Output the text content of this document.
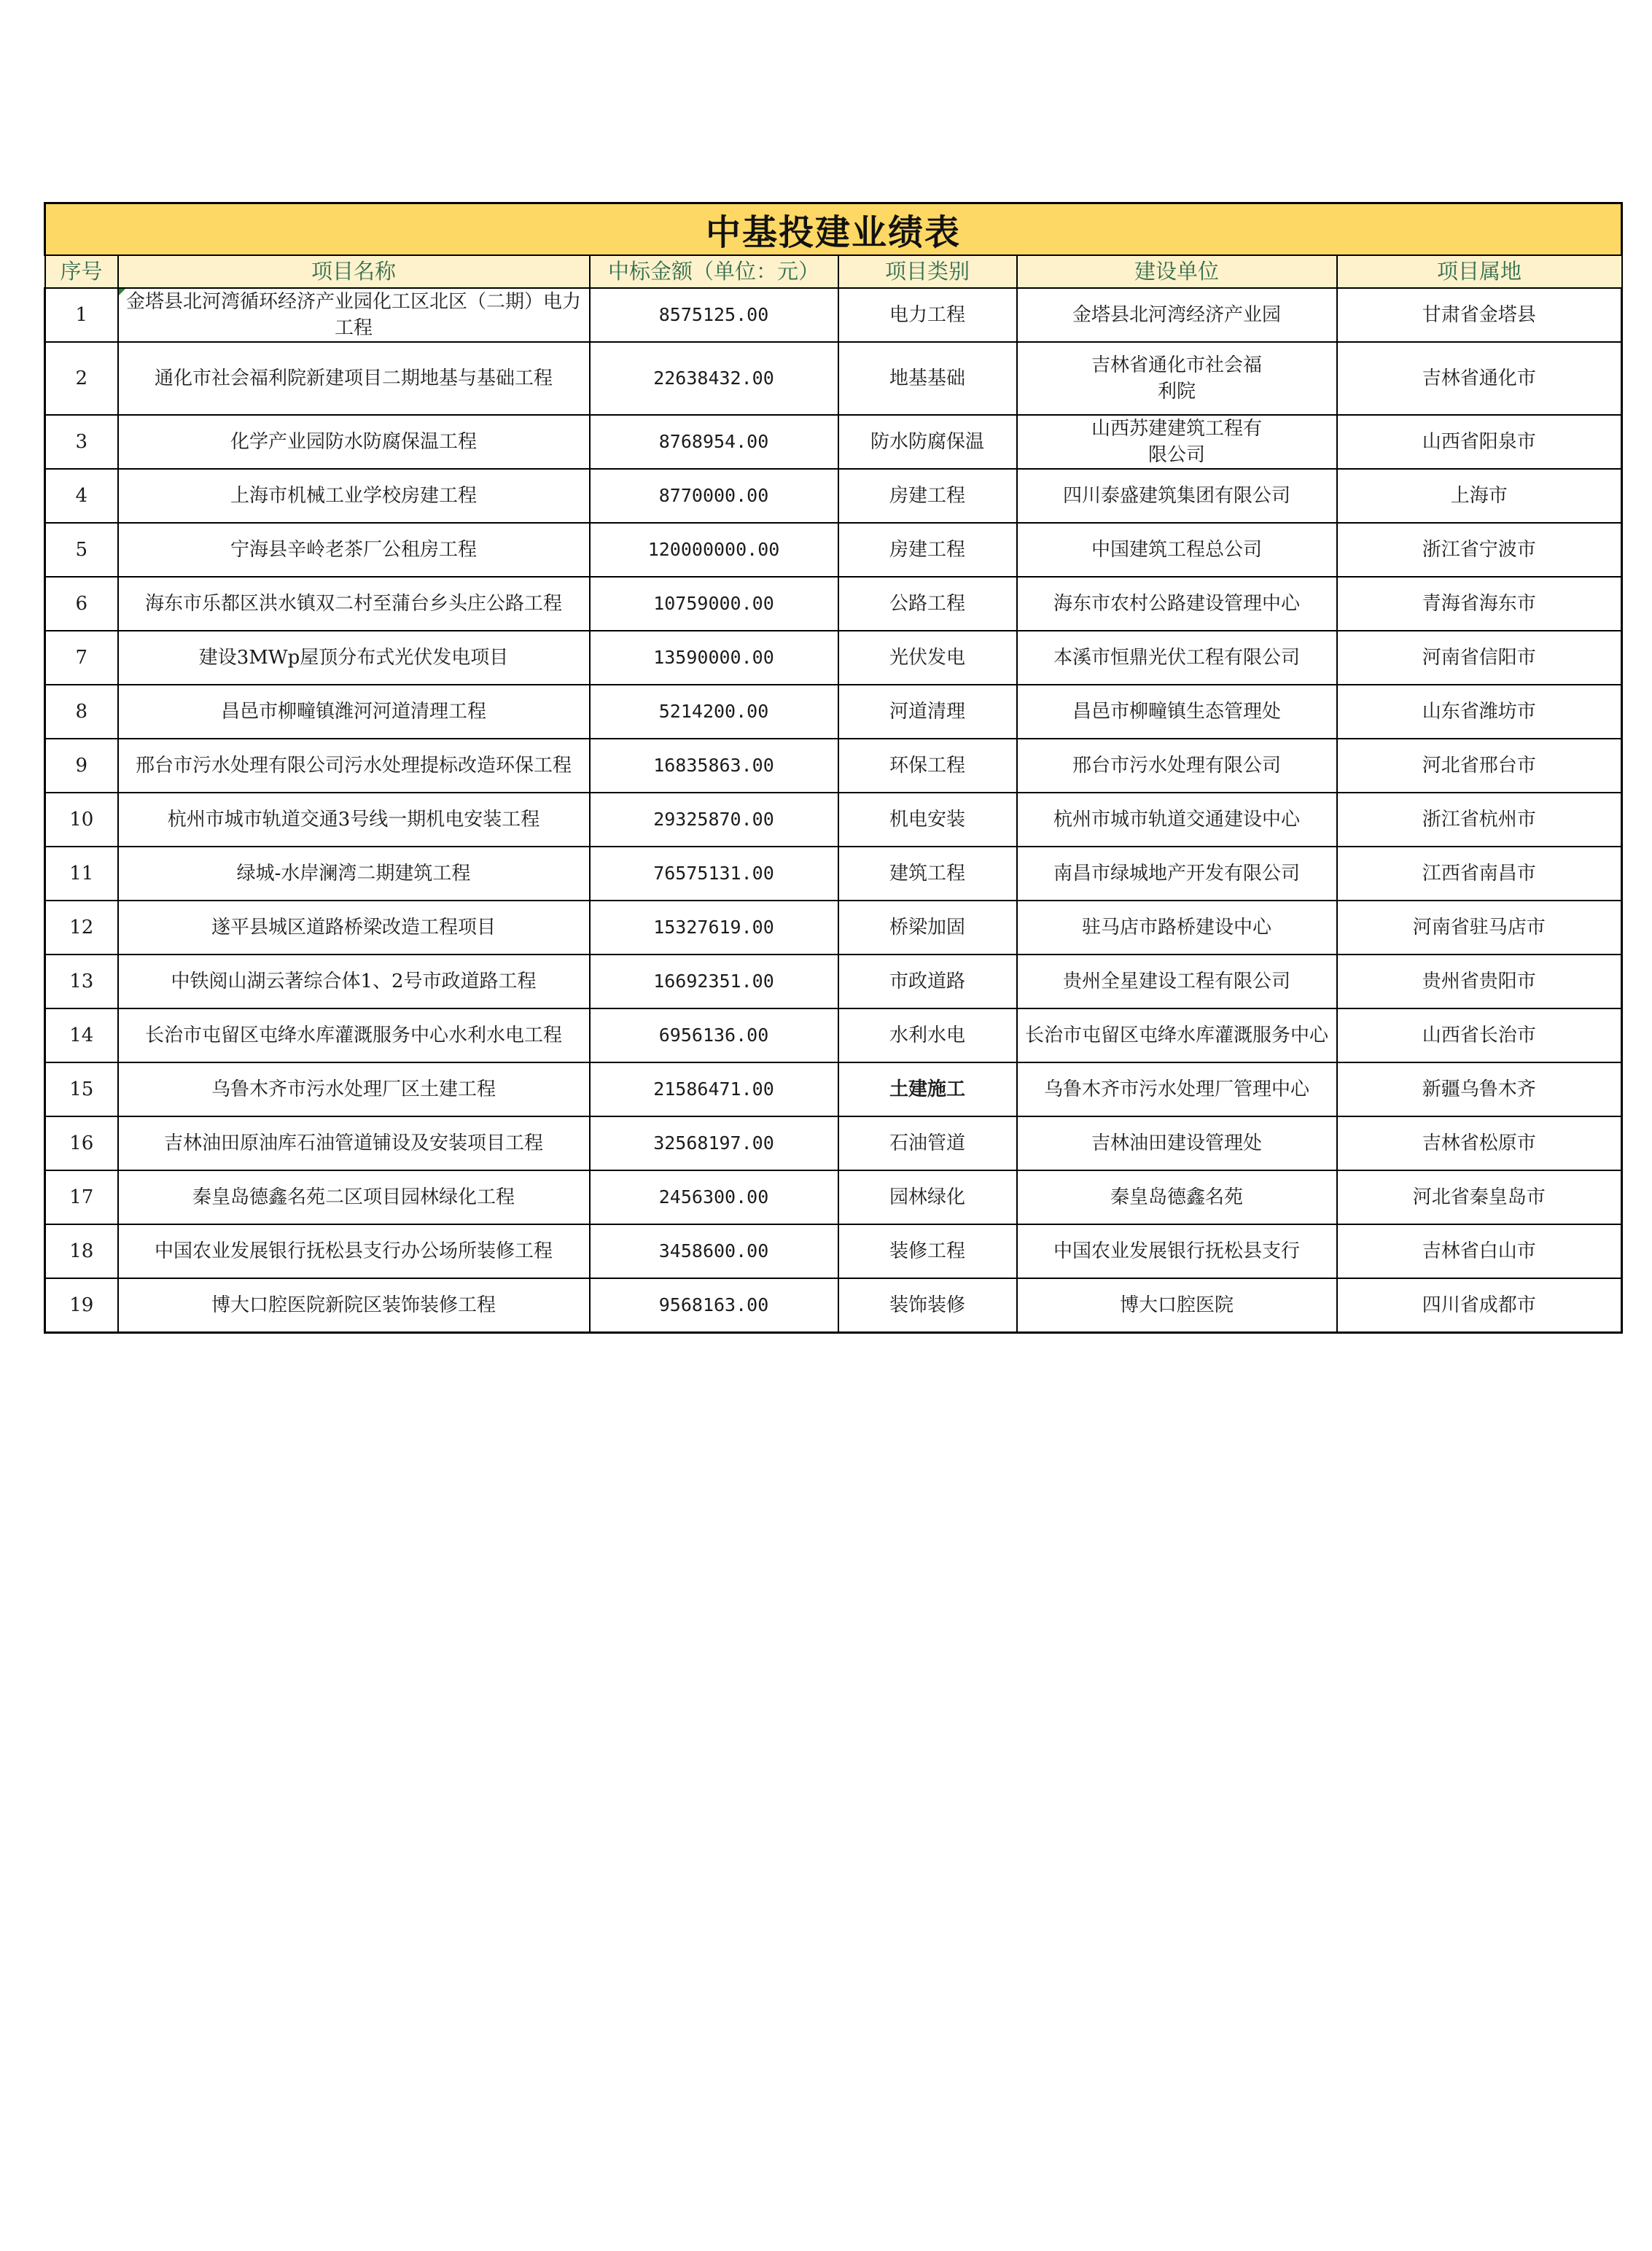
中基投建业绩表					
序号	项目名称	中标金额（单位：元）	项目类别	建设单位	项目属地
1	金塔县北河湾循环经济产业园化工区北区（二期）电力工程	8575125.00	电力工程	金塔县北河湾经济产业园	甘肃省金塔县
2	通化市社会福利院新建项目二期地基与基础工程	22638432.00	地基基础	吉林省通化市社会福利院	吉林省通化市
3	化学产业园防水防腐保温工程	8768954.00	防水防腐保温	山西苏建建筑工程有限公司	山西省阳泉市
4	上海市机械工业学校房建工程	8770000.00	房建工程	四川泰盛建筑集团有限公司	上海市
5	宁海县辛岭老茶厂公租房工程	120000000.00	房建工程	中国建筑工程总公司	浙江省宁波市
6	海东市乐都区洪水镇双二村至蒲台乡头庄公路工程	10759000.00	公路工程	海东市农村公路建设管理中心	青海省海东市
7	建设3MWp屋顶分布式光伏发电项目	13590000.00	光伏发电	本溪市恒鼎光伏工程有限公司	河南省信阳市
8	昌邑市柳疃镇潍河河道清理工程	5214200.00	河道清理	昌邑市柳疃镇生态管理处	山东省潍坊市
9	邢台市污水处理有限公司污水处理提标改造环保工程	16835863.00	环保工程	邢台市污水处理有限公司	河北省邢台市
10	杭州市城市轨道交通3号线一期机电安装工程	29325870.00	机电安装	杭州市城市轨道交通建设中心	浙江省杭州市
11	绿城-水岸澜湾二期建筑工程	76575131.00	建筑工程	南昌市绿城地产开发有限公司	江西省南昌市
12	遂平县城区道路桥梁改造工程项目	15327619.00	桥梁加固	驻马店市路桥建设中心	河南省驻马店市
13	中铁阅山湖云著综合体1、2号市政道路工程	16692351.00	市政道路	贵州全星建设工程有限公司	贵州省贵阳市
14	长治市屯留区屯绛水库灌溉服务中心水利水电工程	6956136.00	水利水电	长治市屯留区屯绛水库灌溉服务中心	山西省长治市
15	乌鲁木齐市污水处理厂区土建工程	21586471.00	土建施工	乌鲁木齐市污水处理厂管理中心	新疆乌鲁木齐
16	吉林油田原油库石油管道铺设及安装项目工程	32568197.00	石油管道	吉林油田建设管理处	吉林省松原市
17	秦皇岛德鑫名苑二区项目园林绿化工程	2456300.00	园林绿化	秦皇岛德鑫名苑	河北省秦皇岛市
18	中国农业发展银行抚松县支行办公场所装修工程	3458600.00	装修工程	中国农业发展银行抚松县支行	吉林省白山市
19	博大口腔医院新院区装饰装修工程	9568163.00	装饰装修	博大口腔医院	四川省成都市
